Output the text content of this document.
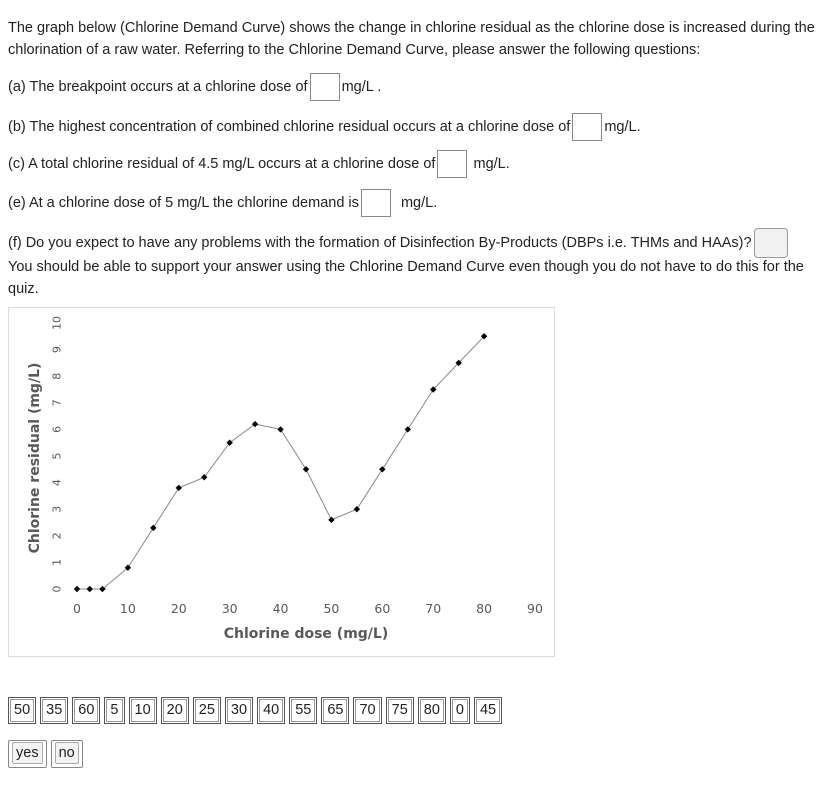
The graph below (Chlorine Demand Curve) shows the change in chlorine residual as the chlorine dose is increased during the chlorination of a raw water. Referring to the Chlorine Demand Curve, please answer the following questions:
(a) The breakpoint occurs at a chlorine dose of mg/L .
(b) The highest concentration of combined chlorine residual occurs at a chlorine dose of mg/L.
(c) A total chlorine residual of 4.5 mg/L occurs at a chlorine dose of	mg/L.
(e) At a chlorine dose of 5 mg/L the chlorine demand is	mg/L.
(f) Do you expect to have any problems with the formation of Disinfection By-Products (DBPs i.e. THMs and HAAs)?
You should be able to support your answer using the Chlorine Demand Curve even though you do not have to do this for the quiz.
0
1
2
3
4
5
6
7
8
9
10
0	10	20	30	40	50	60	70	80	90
Chlorine dose (mg/L)
Chlorine residual (mg/L)
50	35	60	5	10	20	25	30	40	55	65	70	75	80	0	45
yes	no
